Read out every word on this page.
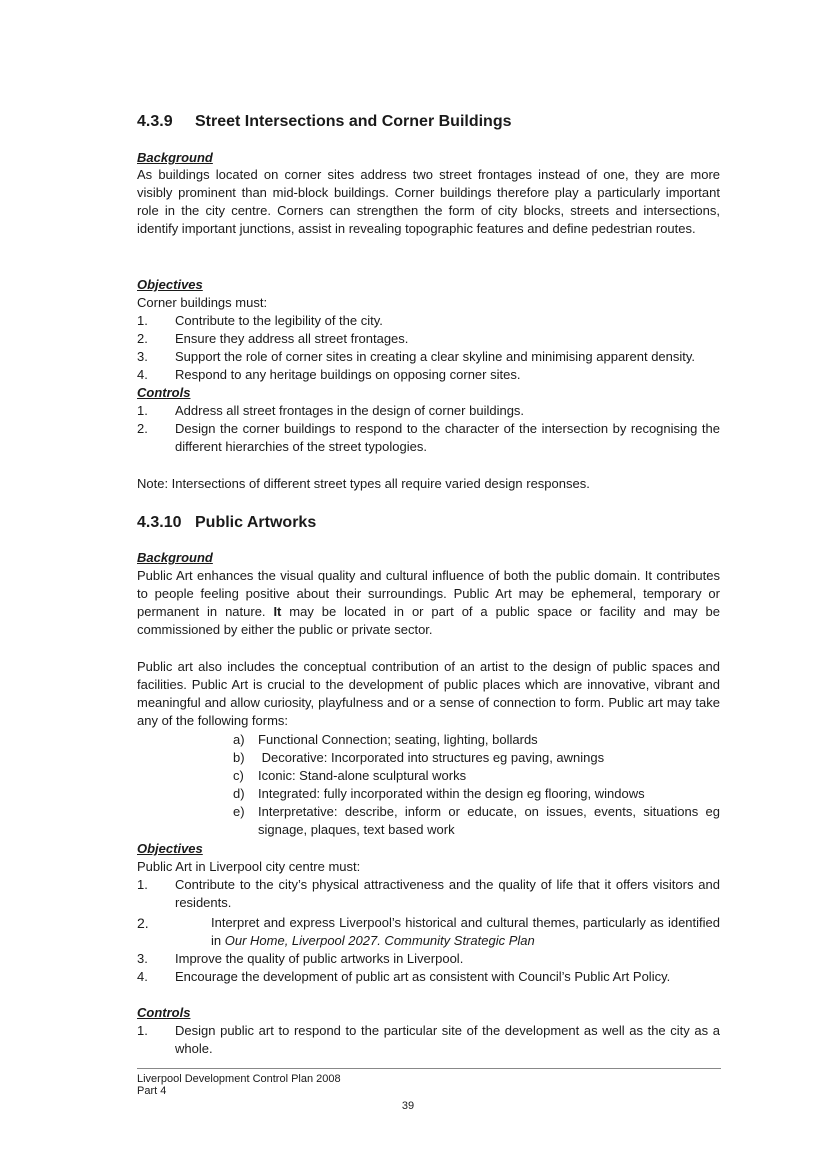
4.3.9 Street Intersections and Corner Buildings
Background
As buildings located on corner sites address two street frontages instead of one, they are more visibly prominent than mid-block buildings. Corner buildings therefore play a particularly important role in the city centre. Corners can strengthen the form of city blocks, streets and intersections, identify important junctions, assist in revealing topographic features and define pedestrian routes.
Objectives
Corner buildings must:
1. Contribute to the legibility of the city.
2. Ensure they address all street frontages.
3. Support the role of corner sites in creating a clear skyline and minimising apparent density.
4. Respond to any heritage buildings on opposing corner sites.
Controls
1. Address all street frontages in the design of corner buildings.
2. Design the corner buildings to respond to the character of the intersection by recognising the different hierarchies of the street typologies.
Note: Intersections of different street types all require varied design responses.
4.3.10 Public Artworks
Background
Public Art enhances the visual quality and cultural influence of both the public domain. It contributes to people feeling positive about their surroundings. Public Art may be ephemeral, temporary or permanent in nature. It may be located in or part of a public space or facility and may be commissioned by either the public or private sector.
Public art also includes the conceptual contribution of an artist to the design of public spaces and facilities. Public Art is crucial to the development of public places which are innovative, vibrant and meaningful and allow curiosity, playfulness and or a sense of connection to form. Public art may take any of the following forms:
a) Functional Connection; seating, lighting, bollards
b) Decorative: Incorporated into structures eg paving, awnings
c) Iconic: Stand-alone sculptural works
d) Integrated: fully incorporated within the design eg flooring, windows
e) Interpretative: describe, inform or educate, on issues, events, situations eg signage, plaques, text based work
Objectives
Public Art in Liverpool city centre must:
1. Contribute to the city’s physical attractiveness and the quality of life that it offers visitors and residents.
2.	Interpret and express Liverpool’s historical and cultural themes, particularly as identified in Our Home, Liverpool 2027. Community Strategic Plan
3. Improve the quality of public artworks in Liverpool.
4. Encourage the development of public art as consistent with Council’s Public Art Policy.
Controls
1. Design public art to respond to the particular site of the development as well as the city as a whole.
Liverpool Development Control Plan 2008
Part 4
39
